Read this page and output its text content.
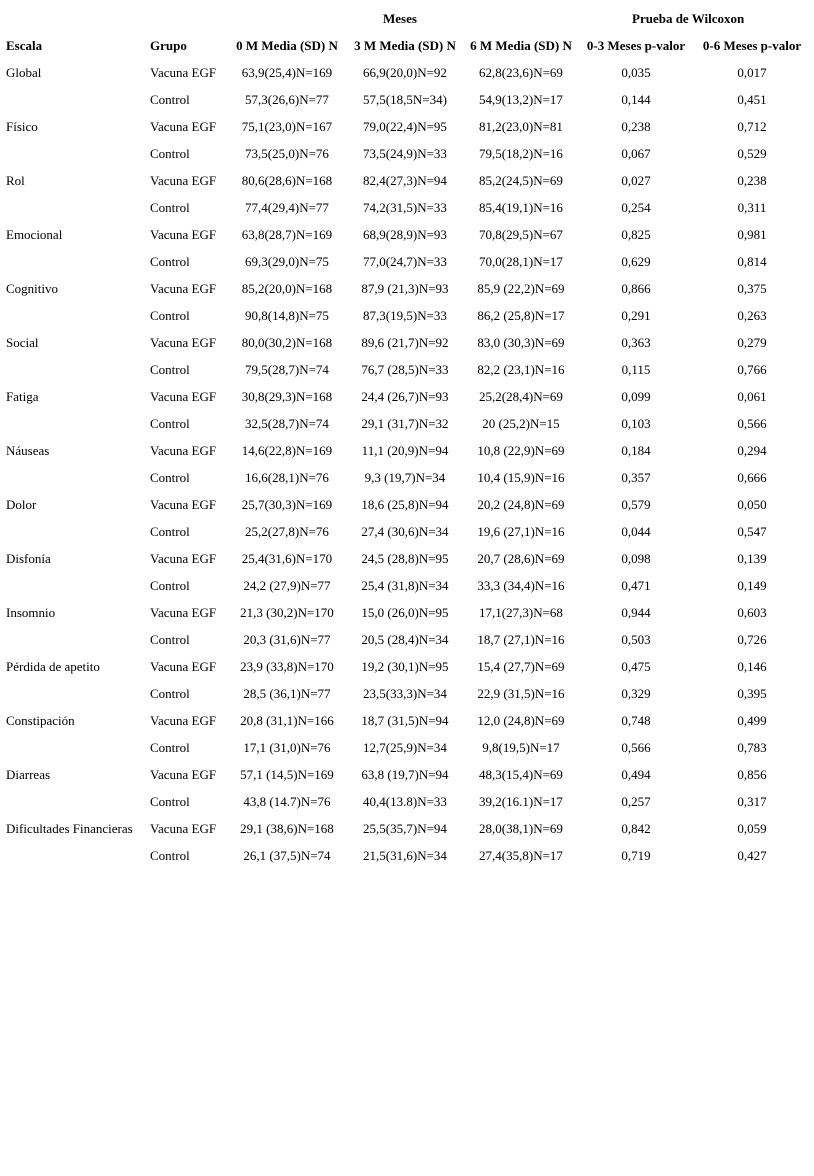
Meses	Prueba de Wilcoxon
Escala	Grupo	0 M Media (SD) N	3 M Media (SD) N	6 M Media (SD) N	0-3 Meses p-valor	0-6 Meses p-valor
Global	Vacuna EGF	63,9(25,4)N=169	66,9(20,0)N=92	62,8(23,6)N=69	0,035	0,017
	Control	57,3(26,6)N=77	57,5(18,5N=34)	54,9(13,2)N=17	0,144	0,451
Físico	Vacuna EGF	75,1(23,0)N=167	79,0(22,4)N=95	81,2(23,0)N=81	0,238	0,712
	Control	73,5(25,0)N=76	73,5(24,9)N=33	79,5(18,2)N=16	0,067	0,529
Rol	Vacuna EGF	80,6(28,6)N=168	82,4(27,3)N=94	85,2(24,5)N=69	0,027	0,238
	Control	77,4(29,4)N=77	74,2(31,5)N=33	85,4(19,1)N=16	0,254	0,311
Emocional	Vacuna EGF	63,8(28,7)N=169	68,9(28,9)N=93	70,8(29,5)N=67	0,825	0,981
	Control	69,3(29,0)N=75	77,0(24,7)N=33	70,0(28,1)N=17	0,629	0,814
Cognitivo	Vacuna EGF	85,2(20,0)N=168	87,9 (21,3)N=93	85,9 (22,2)N=69	0,866	0,375
	Control	90,8(14,8)N=75	87,3(19,5)N=33	86,2 (25,8)N=17	0,291	0,263
Social	Vacuna EGF	80,0(30,2)N=168	89,6 (21,7)N=92	83,0 (30,3)N=69	0,363	0,279
	Control	79,5(28,7)N=74	76,7 (28,5)N=33	82,2 (23,1)N=16	0,115	0,766
Fatiga	Vacuna EGF	30,8(29,3)N=168	24,4 (26,7)N=93	25,2(28,4)N=69	0,099	0,061
	Control	32,5(28,7)N=74	29,1 (31,7)N=32	20 (25,2)N=15	0,103	0,566
Náuseas	Vacuna EGF	14,6(22,8)N=169	11,1 (20,9)N=94	10,8 (22,9)N=69	0,184	0,294
	Control	16,6(28,1)N=76	9,3 (19,7)N=34	10,4 (15,9)N=16	0,357	0,666
Dolor	Vacuna EGF	25,7(30,3)N=169	18,6 (25,8)N=94	20,2 (24,8)N=69	0,579	0,050
	Control	25,2(27,8)N=76	27,4 (30,6)N=34	19,6 (27,1)N=16	0,044	0,547
Disfonía	Vacuna EGF	25,4(31,6)N=170	24,5 (28,8)N=95	20,7 (28,6)N=69	0,098	0,139
	Control	24,2 (27,9)N=77	25,4 (31,8)N=34	33,3 (34,4)N=16	0,471	0,149
Insomnio	Vacuna EGF	21,3 (30,2)N=170	15,0 (26,0)N=95	17,1(27,3)N=68	0,944	0,603
	Control	20,3 (31,6)N=77	20,5 (28,4)N=34	18,7 (27,1)N=16	0,503	0,726
Pérdida de apetito	Vacuna EGF	23,9 (33,8)N=170	19,2 (30,1)N=95	15,4 (27,7)N=69	0,475	0,146
	Control	28,5 (36,1)N=77	23,5(33,3)N=34	22,9 (31,5)N=16	0,329	0,395
Constipación	Vacuna EGF	20,8 (31,1)N=166	18,7 (31,5)N=94	12,0 (24,8)N=69	0,748	0,499
	Control	17,1 (31,0)N=76	12,7(25,9)N=34	9,8(19,5)N=17	0,566	0,783
Diarreas	Vacuna EGF	57,1 (14,5)N=169	63,8 (19,7)N=94	48,3(15,4)N=69	0,494	0,856
	Control	43,8 (14.7)N=76	40,4(13.8)N=33	39,2(16.1)N=17	0,257	0,317
Dificultades Financieras	Vacuna EGF	29,1 (38,6)N=168	25,5(35,7)N=94	28,0(38,1)N=69	0,842	0,059
	Control	26,1 (37,5)N=74	21,5(31,6)N=34	27,4(35,8)N=17	0,719	0,427
